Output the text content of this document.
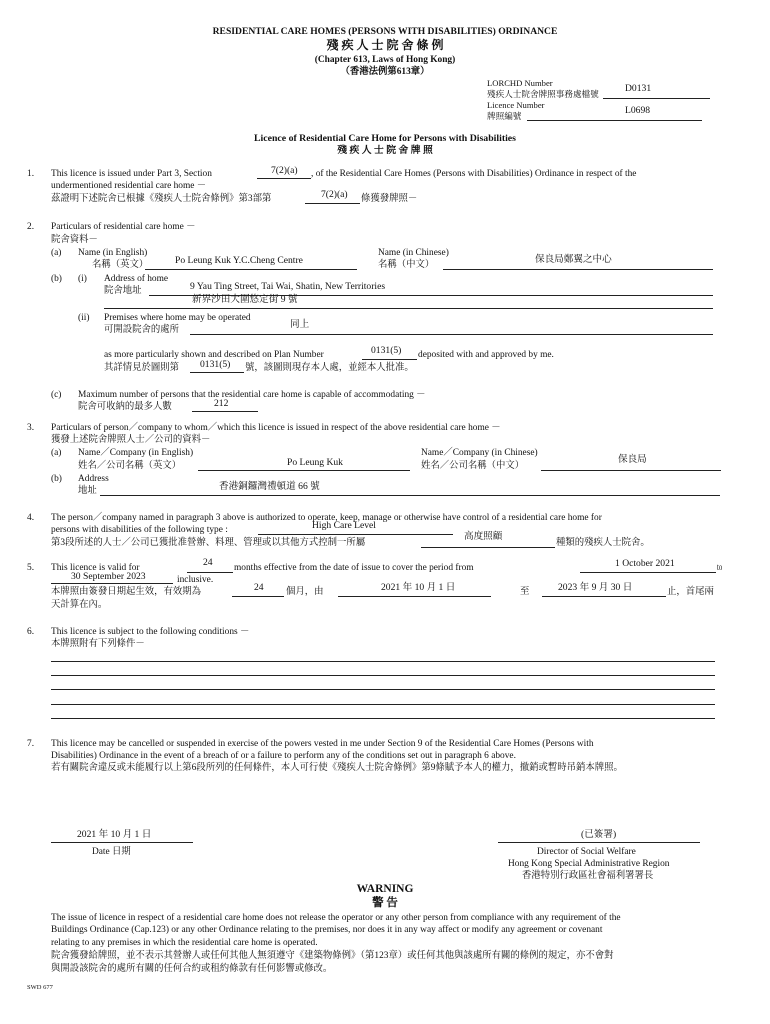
RESIDENTIAL CARE HOMES (PERSONS WITH DISABILITIES) ORDINANCE
殘 疾 人 士 院 舍 條 例
(Chapter 613, Laws of Hong Kong)
（香港法例第613章）
LORCHD Number
殘疾人士院舍牌照事務處檔號	D0131
Licence Number
牌照編號	L0698
Licence of Residential Care Home for Persons with Disabilities
殘 疾 人 士 院 舍 牌 照
1. This licence is issued under Part 3, Section	7(2)(a) , of the Residential Care Homes (Persons with Disabilities) Ordinance in respect of the
undermentioned residential care home －
茲證明下述院舍已根據《殘疾人士院舍條例》第3部第	7(2)(a) 條獲發牌照－
2. Particulars of residential care home －
院舍資料－
(a) Name (in English)
名稱（英文）	Po Leung Kuk Y.C.Cheng Centre
Name (in Chinese)
名稱（中文）	保良局鄭翼之中心
(b) (i) Address of home
院舍地址	9 Yau Ting Street, Tai Wai, Shatin, New Territories
新界沙田大圍悠定街 9 號
(ii) Premises where home may be operated
可開設院舍的處所	同上
as more particularly shown and described on Plan Number	0131(5) deposited with and approved by me.
其詳情見於圖則第 0131(5) 號，該圖則現存本人處，並經本人批准。
(c) Maximum number of persons that the residential care home is capable of accommodating －
院舍可收納的最多人數	212
3. Particulars of person／company to whom／which this licence is issued in respect of the above residential care home －
獲發上述院舍牌照人士／公司的資料－
(a) Name／Company (in English)
姓名／公司名稱（英文）	Po Leung Kuk
Name／Company (in Chinese)
姓名／公司名稱（中文）
保良局
(b) Address
地址	香港銅鑼灣禮頓道 66 號
4. The person／company named in paragraph 3 above is authorized to operate, keep, manage or otherwise have control of a residential care home for
persons with disabilities of the following type :	High Care Level
第3段所述的人士／公司已獲批准營辦、料理、管理或以其他方式控制一所屬
高度照顧
種類的殘疾人士院舍。
5. This licence is valid for	24 months effective from the date of issue to cover the period from	1 October 2021	to
30 September 2023	inclusive.
本牌照由簽發日期起生效，有效期為	24 個月，由	2021 年 10 月 1 日	至	2023 年 9 月 30 日	止，首尾兩
天計算在內。
6. This licence is subject to the following conditions －
本牌照附有下列條件－
7. This licence may be cancelled or suspended in exercise of the powers vested in me under Section 9 of the Residential Care Homes (Persons with
Disabilities) Ordinance in the event of a breach of or a failure to perform any of the conditions set out in paragraph 6 above.
若有關院舍違反或未能履行以上第6段所列的任何條件，本人可行使《殘疾人士院舍條例》第9條賦予本人的權力，撤銷或暫時吊銷本牌照。
2021 年 10 月 1 日
Date 日期
(已簽署)
Director of Social Welfare
Hong Kong Special Administrative Region
香港特別行政區社會福利署署長
WARNING
警 告
The issue of licence in respect of a residential care home does not release the operator or any other person from compliance with any requirement of the
Buildings Ordinance (Cap.123) or any other Ordinance relating to the premises, nor does it in any way affect or modify any agreement or covenant
relating to any premises in which the residential care home is operated.
院舍獲發給牌照，並不表示其營辦人或任何其他人無須遵守《建築物條例》（第123章）或任何其他與該處所有關的條例的規定，亦不會對
與開設該院舍的處所有關的任何合約或租約條款有任何影響或修改。
SWD 677
